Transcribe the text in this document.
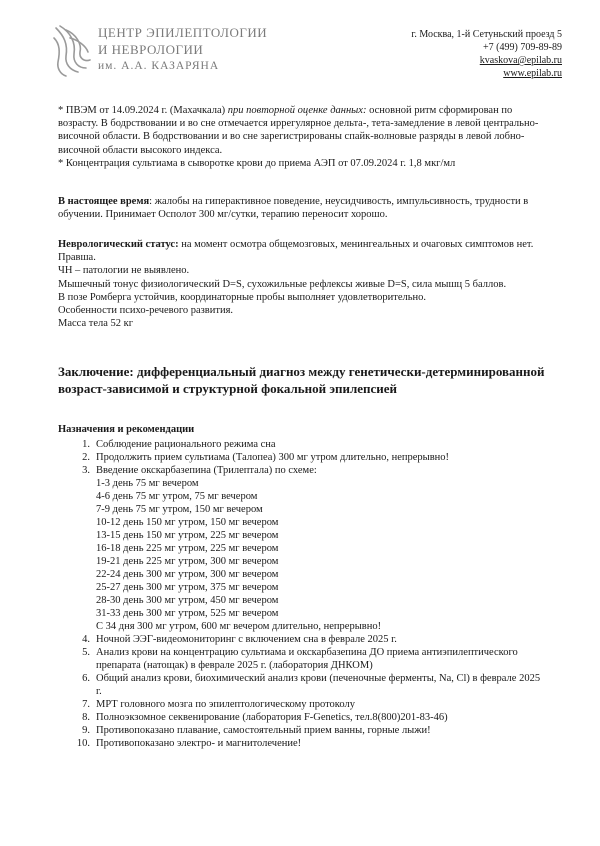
ЦЕНТР ЭПИЛЕПТОЛОГИИ
И НЕВРОЛОГИИ
им. А.А. КАЗАРЯНА
г. Москва, 1-й Сетуньский проезд 5
+7 (499) 709-89-89
kvaskova@epilab.ru
www.epilab.ru
* ПВЭМ от 14.09.2024 г. (Махачкала) при повторной оценке данных: основной ритм сформирован по возрасту. В бодрствовании и во сне отмечается иррегулярное дельта-, тета-замедление в левой центрально-височной области. В бодрствовании и во сне зарегистрированы спайк-волновые разряды в левой лобно-височной области высокого индекса.
* Концентрация сультиама в сыворотке крови до приема АЭП от 07.09.2024 г. 1,8 мкг/мл
В настоящее время: жалобы на гиперактивное поведение, неусидчивость, импульсивность, трудности в обучении. Принимает Осполот 300 мг/сутки, терапию переносит хорошо.
Неврологический статус: на момент осмотра общемозговых, менингеальных и очаговых симптомов нет. Правша.
ЧН – патологии не выявлено.
Мышечный тонус физиологический D=S, сухожильные рефлексы живые D=S, сила мышц 5 баллов.
В позе Ромберга устойчив, координаторные пробы выполняет удовлетворительно.
Особенности психо-речевого развития.
Масса тела 52 кг
Заключение: дифференциальный диагноз между генетически-детерминированной возраст-зависимой и структурной фокальной эпилепсией
Назначения и рекомендации
1. Соблюдение рационального режима сна
2. Продолжить прием сультиама (Талопеа) 300 мг утром длительно, непрерывно!
3. Введение окскарбазепина (Трилептала) по схеме:
1-3 день 75 мг вечером
4-6 день 75 мг утром, 75 мг вечером
7-9 день 75 мг утром, 150 мг вечером
10-12 день 150 мг утром, 150 мг вечером
13-15 день 150 мг утром, 225 мг вечером
16-18 день 225 мг утром, 225 мг вечером
19-21 день 225 мг утром, 300 мг вечером
22-24 день 300 мг утром, 300 мг вечером
25-27 день 300 мг утром, 375 мг вечером
28-30 день 300 мг утром, 450 мг вечером
31-33 день 300 мг утром, 525 мг вечером
С 34 дня 300 мг утром, 600 мг вечером длительно, непрерывно!
4. Ночной ЭЭГ-видеомониторинг с включением сна в феврале 2025 г.
5. Анализ крови на концентрацию сультиама и окскарбазепина ДО приема антиэпилептического препарата (натощак) в феврале 2025 г. (лаборатория ДНКОМ)
6. Общий анализ крови, биохимический анализ крови (печеночные ферменты, Na, Cl) в феврале 2025 г.
7. МРТ головного мозга по эпилептологическому протоколу
8. Полноэкзомное секвенирование (лаборатория F-Genetics, тел.8(800)201-83-46)
9. Противопоказано плавание, самостоятельный прием ванны, горные лыжи!
10. Противопоказано электро- и магнитолечение!
